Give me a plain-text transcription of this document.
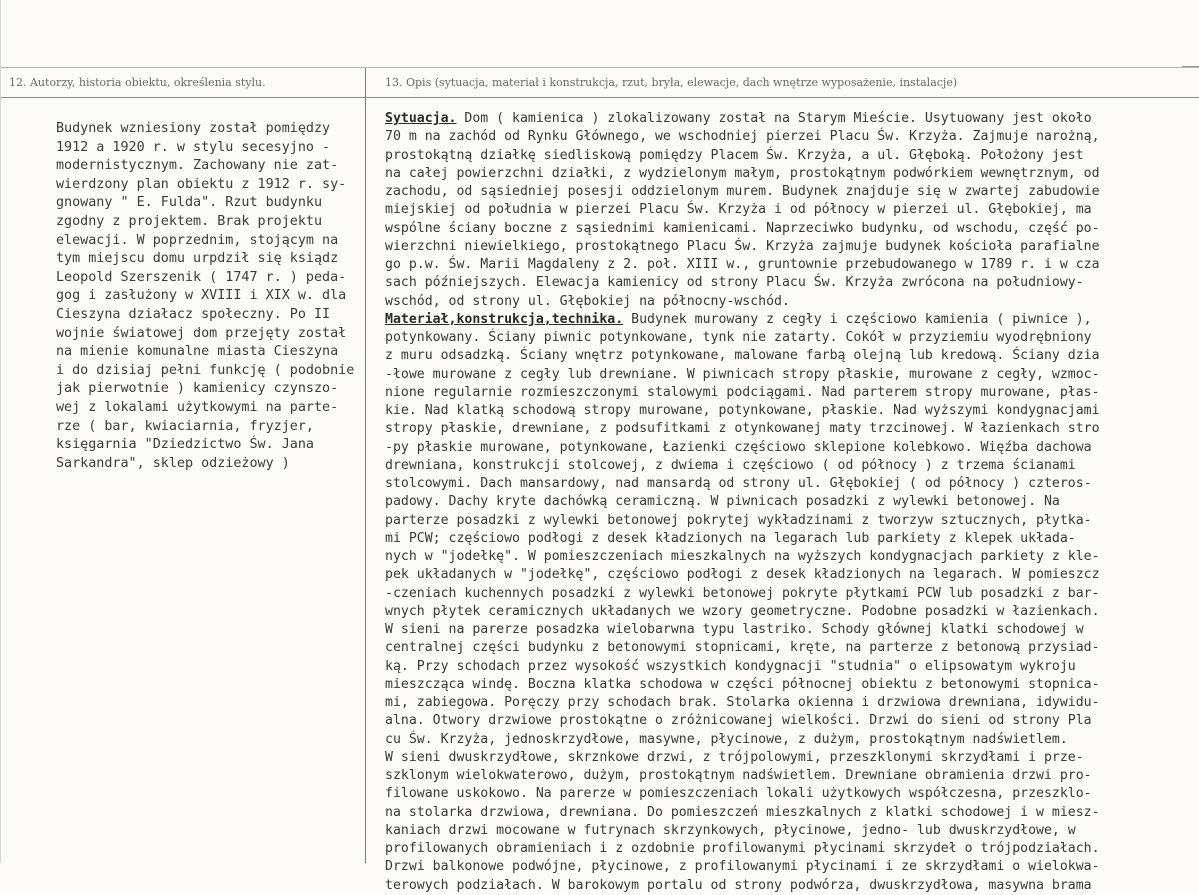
12. Autorzy, historia obiektu, określenia stylu.	13. Opis (sytuacja, materiał i konstrukcja, rzut, bryła, elewacje, dach wnętrze wyposażenie, instalacje)
Budynek wzniesiony został pomiędzy
1912 a 1920 r. w stylu secesyjno -
modernistycznym. Zachowany nie zat-
wierdzony plan obiektu z 1912 r. sy-
gnowany " E. Fulda". Rzut budynku
zgodny z projektem. Brak projektu
elewacji. W poprzednim, stojącym na
tym miejscu domu urpdził się ksiądz
Leopold Szerszenik ( 1747 r. ) peda-
gog i zasłużony w XVIII i XIX w. dla
Cieszyna działacz społeczny. Po II
wojnie światowej dom przejęty został
na mienie komunalne miasta Cieszyna
i do dzisiaj pełni funkcję ( podobnie
jak pierwotnie ) kamienicy czynszo-
wej z lokalami użytkowymi na parte-
rze ( bar, kwiaciarnia, fryzjer,
księgarnia "Dziedzictwo Św. Jana
Sarkandra", sklep odzieżowy )
Sytuacja. Dom ( kamienica ) zlokalizowany został na Starym Mieście. Usytuowany jest około
70 m na zachód od Rynku Głównego, we wschodniej pierzei Placu Św. Krzyża. Zajmuje narożną,
prostokątną działkę siedliskową pomiędzy Placem Św. Krzyża, a ul. Głęboką. Położony jest
na całej powierzchni działki, z wydzielonym małym, prostokątnym podwórkiem wewnętrznym, od
zachodu, od sąsiedniej posesji oddzielonym murem. Budynek znajduje się w zwartej zabudowie
miejskiej od południa w pierzei Placu Św. Krzyża i od północy w pierzei ul. Głębokiej, ma
wspólne ściany boczne z sąsiednimi kamienicami. Naprzeciwko budynku, od wschodu, część po-
wierzchni niewielkiego, prostokątnego Placu Św. Krzyża zajmuje budynek kościoła parafialne
go p.w. Św. Marii Magdaleny z 2. poł. XIII w., gruntownie przebudowanego w 1789 r. i w cza
sach późniejszych. Elewacja kamienicy od strony Placu Św. Krzyża zwrócona na południowy-
wschód, od strony ul. Głębokiej na północny-wschód.
Materiał,konstrukcja,technika. Budynek murowany z cegły i częściowo kamienia ( piwnice ),
potynkowany. Ściany piwnic potynkowane, tynk nie zatarty. Cokół w przyziemiu wyodrębniony
z muru odsadzką. Ściany wnętrz potynkowane, malowane farbą olejną lub kredową. Ściany dzia
-łowe murowane z cegły lub drewniane. W piwnicach stropy płaskie, murowane z cegły, wzmoc-
nione regularnie rozmieszczonymi stalowymi podciągami. Nad parterem stropy murowane, płas-
kie. Nad klatką schodową stropy murowane, potynkowane, płaskie. Nad wyższymi kondygnacjami
stropy płaskie, drewniane, z podsufitkami z otynkowanej maty trzcinowej. W łazienkach stro
-py płaskie murowane, potynkowane, Łazienki częściowo sklepione kolebkowo. Więźba dachowa
drewniana, konstrukcji stolcowej, z dwiema i częściowo ( od północy ) z trzema ścianami
stolcowymi. Dach mansardowy, nad mansardą od strony ul. Głębokiej ( od północy ) czteros-
padowy. Dachy kryte dachówką ceramiczną. W piwnicach posadzki z wylewki betonowej. Na
parterze posadzki z wylewki betonowej pokrytej wykładzinami z tworzyw sztucznych, płytka-
mi PCW; częściowo podłogi z desek kładzionych na legarach lub parkiety z klepek układa-
nych w "jodełkę". W pomieszczeniach mieszkalnych na wyższych kondygnacjach parkiety z kle-
pek układanych w "jodełkę", częściowo podłogi z desek kładzionych na legarach. W pomieszcz
-czeniach kuchennych posadzki z wylewki betonowej pokryte płytkami PCW lub posadzki z bar-
wnych płytek ceramicznych układanych we wzory geometryczne. Podobne posadzki w łazienkach.
W sieni na parerze posadzka wielobarwna typu lastriko. Schody głównej klatki schodowej w
centralnej części budynku z betonowymi stopnicami, kręte, na parterze z betonową przysiad-
ką. Przy schodach przez wysokość wszystkich kondygnacji "studnia" o elipsowatym wykroju
mieszcząca windę. Boczna klatka schodowa w części północnej obiektu z betonowymi stopnica-
mi, zabiegowa. Poręczy przy schodach brak. Stolarka okienna i drzwiowa drewniana, idywidu-
alna. Otwory drzwiowe prostokątne o zróżnicowanej wielkości. Drzwi do sieni od strony Pla
cu Św. Krzyża, jednoskrzydłowe, masywne, płycinowe, z dużym, prostokątnym nadświetlem.
W sieni dwuskrzydłowe, skrznkowe drzwi, z trójpolowymi, przeszklonymi skrzydłami i prze-
szklonym wielokwaterowo, dużym, prostokątnym nadświetlem. Drewniane obramienia drzwi pro-
filowane uskokowo. Na parerze w pomieszczeniach lokali użytkowych współczesna, przeszklo-
na stolarka drzwiowa, drewniana. Do pomieszczeń mieszkalnych z klatki schodowej i w miesz-
kaniach drzwi mocowane w futrynach skrzynkowych, płycinowe, jedno- lub dwuskrzydłowe, w
profilowanych obramieniach i z ozdobnie profilowanymi płycinami skrzydeł o trójpodziałach.
Drzwi balkonowe podwójne, płycinowe, z profilowanymi płycinami i ze skrzydłami o wielokwa-
terowych podziałach. W barokowym portalu od strony podwórza, dwuskrzydłowa, masywna brama
